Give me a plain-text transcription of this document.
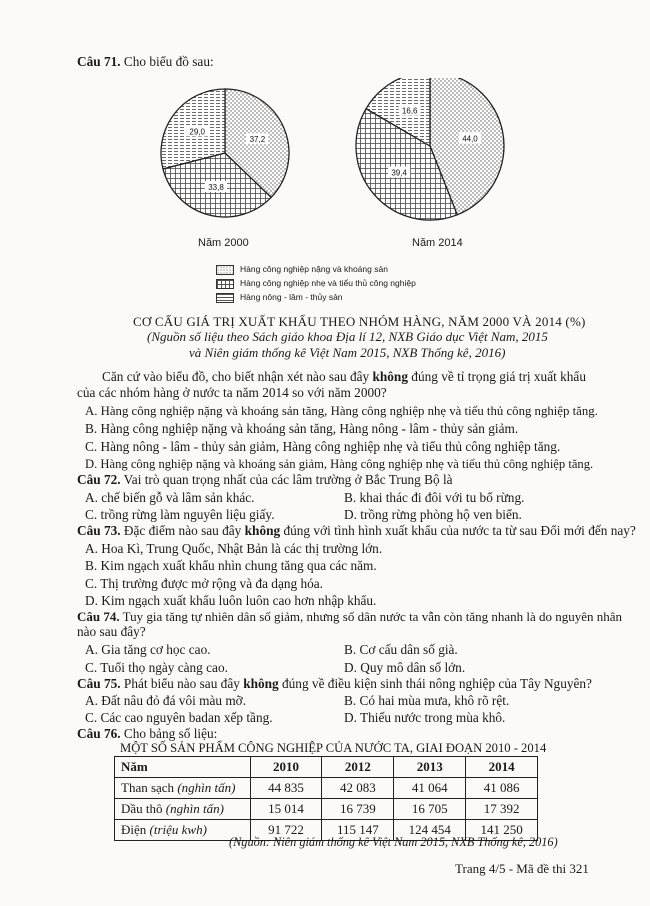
Câu 71. Cho biểu đồ sau:
37,2
33,8
29,0
44,0
39,4
16,6
Năm 2000	Năm 2014
Hàng công nghiệp nặng và khoáng sản
Hàng công nghiệp nhẹ và tiểu thủ công nghiệp
Hàng nông - lâm - thủy sản
CƠ CẤU GIÁ TRỊ XUẤT KHẨU THEO NHÓM HÀNG, NĂM 2000 VÀ 2014 (%)
(Nguồn số liệu theo Sách giáo khoa Địa lí 12, NXB Giáo dục Việt Nam, 2015
và Niên giám thống kê Việt Nam 2015, NXB Thống kê, 2016)
Căn cứ vào biểu đồ, cho biết nhận xét nào sau đây không đúng về tỉ trọng giá trị xuất khẩu
của các nhóm hàng ở nước ta năm 2014 so với năm 2000?
A. Hàng công nghiệp nặng và khoáng sản tăng, Hàng công nghiệp nhẹ và tiểu thủ công nghiệp tăng.
B. Hàng công nghiệp nặng và khoáng sản tăng, Hàng nông - lâm - thủy sản giảm.
C. Hàng nông - lâm - thủy sản giảm, Hàng công nghiệp nhẹ và tiểu thủ công nghiệp tăng.
D. Hàng công nghiệp nặng và khoáng sản giảm, Hàng công nghiệp nhẹ và tiểu thủ công nghiệp tăng.
Câu 72. Vai trò quan trọng nhất của các lâm trường ở Bắc Trung Bộ là
A. chế biến gỗ và lâm sản khác.	B. khai thác đi đôi với tu bổ rừng.
C. trồng rừng làm nguyên liệu giấy.	D. trồng rừng phòng hộ ven biển.
Câu 73. Đặc điểm nào sau đây không đúng với tình hình xuất khẩu của nước ta từ sau Đổi mới đến nay?
A. Hoa Kì, Trung Quốc, Nhật Bản là các thị trường lớn.
B. Kim ngạch xuất khẩu nhìn chung tăng qua các năm.
C. Thị trường được mở rộng và đa dạng hóa.
D. Kim ngạch xuất khẩu luôn luôn cao hơn nhập khẩu.
Câu 74. Tuy gia tăng tự nhiên dân số giảm, nhưng số dân nước ta vẫn còn tăng nhanh là do nguyên nhân
nào sau đây?
A. Gia tăng cơ học cao.	B. Cơ cấu dân số già.
C. Tuổi thọ ngày càng cao.	D. Quy mô dân số lớn.
Câu 75. Phát biểu nào sau đây không đúng về điều kiện sinh thái nông nghiệp của Tây Nguyên?
A. Đất nâu đỏ đá vôi màu mỡ.	B. Có hai mùa mưa, khô rõ rệt.
C. Các cao nguyên badan xếp tầng.	D. Thiếu nước trong mùa khô.
Câu 76. Cho bảng số liệu:
MỘT SỐ SẢN PHẨM CÔNG NGHIỆP CỦA NƯỚC TA, GIAI ĐOẠN 2010 - 2014
Năm	2010	2012	2013	2014
Than sạch (nghìn tấn)	44 835	42 083	41 064	41 086
Dầu thô (nghìn tấn)	15 014	16 739	16 705	17 392
Điện (triệu kwh)	91 722	115 147	124 454	141 250
(Nguồn: Niên giám thống kê Việt Nam 2015, NXB Thống kê, 2016)
Trang 4/5 - Mã đề thi 321
